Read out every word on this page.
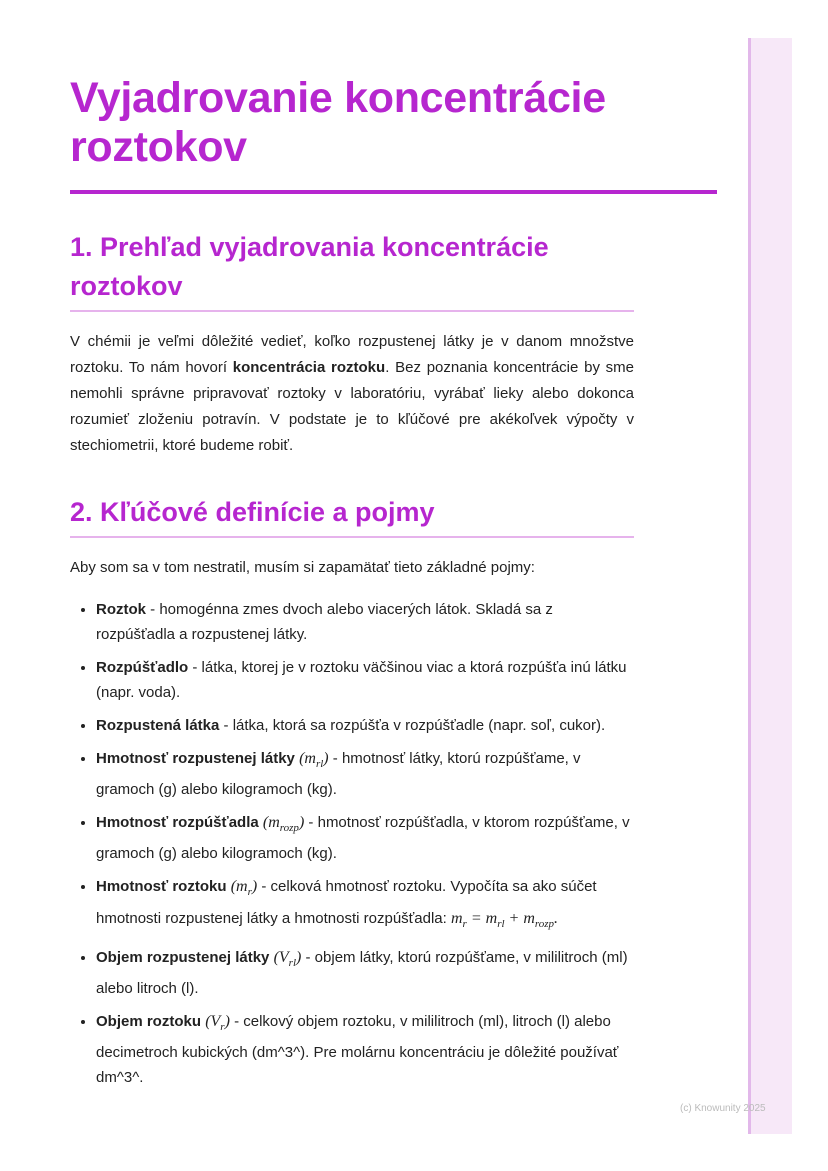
Vyjadrovanie koncentrácie roztokov
1. Prehľad vyjadrovania koncentrácie roztokov

V chémii je veľmi dôležité vedieť, koľko rozpustenej látky je v danom množstve roztoku. To nám hovorí koncentrácia roztoku. Bez poznania koncentrácie by sme nemohli správne pripravovať roztoky v laboratóriu, vyrábať lieky alebo dokonca rozumieť zloženiu potravín. V podstate je to kľúčové pre akékoľvek výpočty v stechiometrii, ktoré budeme robiť.

2. Kľúčové definície a pojmy

Aby som sa v tom nestratil, musím si zapamätať tieto základné pojmy:

• Roztok - homogénna zmes dvoch alebo viacerých látok. Skladá sa z rozpúšťadla a rozpustenej látky.
• Rozpúšťadlo - látka, ktorej je v roztoku väčšinou viac a ktorá rozpúšťa inú látku (napr. voda).
• Rozpustená látka - látka, ktorá sa rozpúšťa v rozpúšťadle (napr. soľ, cukor).
• Hmotnosť rozpustenej látky $(m_{rl})$ - hmotnosť látky, ktorú rozpúšťame, v gramoch (g) alebo kilogramoch (kg).
• Hmotnosť rozpúšťadla $(m_{rozp})$ - hmotnosť rozpúšťadla, v ktorom rozpúšťame, v gramoch (g) alebo kilogramoch (kg).
• Hmotnosť roztoku $(m_r)$ - celková hmotnosť roztoku. Vypočíta sa ako súčet hmotnosti rozpustenej látky a hmotnosti rozpúšťadla: $m_r = m_{rl} + m_{rozp}$.
• Objem rozpustenej látky $(V_{rl})$ - objem látky, ktorú rozpúšťame, v mililitroch (ml) alebo litroch (l).
• Objem roztoku $(V_r)$ - celkový objem roztoku, v mililitroch (ml), litroch (l) alebo decimetroch kubických (dm^3^). Pre molárnu koncentráciu je dôležité používať dm^3^.
(c) Knowunity 2025
